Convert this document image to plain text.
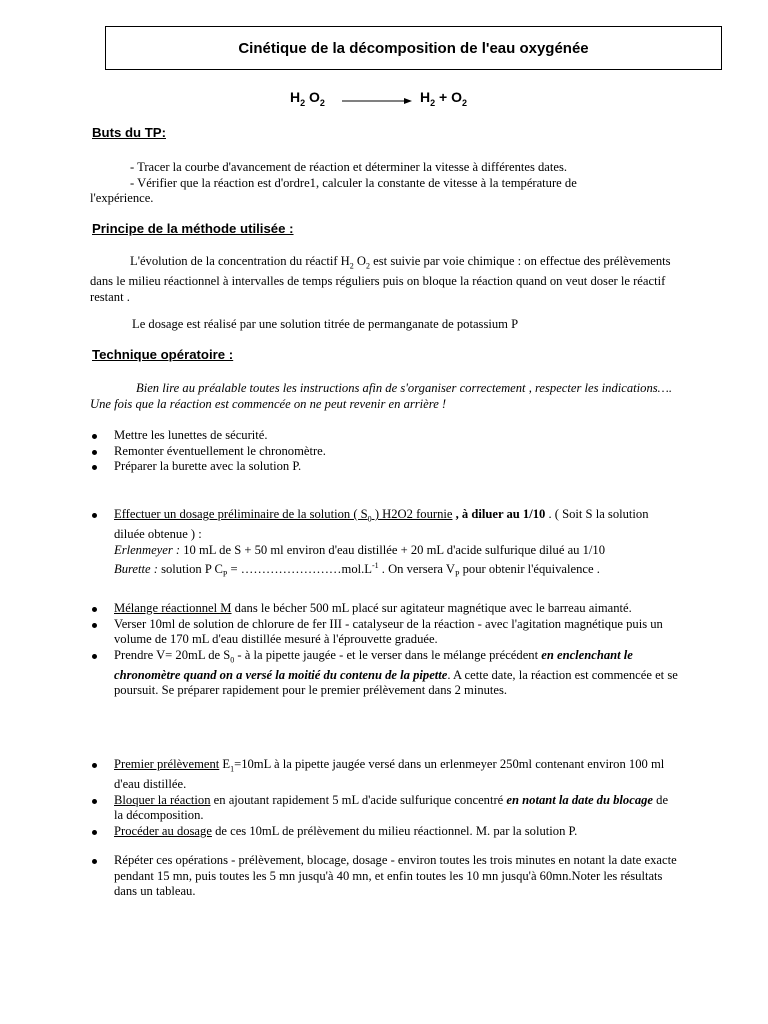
Cinétique de la décomposition de l'eau oxygénée
$H_2$ $O_2$	$H_2 + O_2$
Buts du TP:
- Tracer la courbe d'avancement de réaction et déterminer la vitesse à différentes dates.
- Vérifier que la réaction est d'ordre1, calculer la constante de vitesse à la température de
l'expérience.
Principe de la méthode utilisée :

L'évolution de la concentration du réactif $H_2$ $O_2$ est suivie par voie chimique : on effectue des prélèvements dans le milieu réactionnel à intervalles de temps réguliers puis on bloque la réaction quand on veut doser le réactif restant .

Le dosage est réalisé par une solution titrée de permanganate de potassium P

Technique opératoire :

Bien lire au préalable toutes les instructions afin de s'organiser correctement , respecter les indications…. Une fois que la réaction est commencée on ne peut revenir en arrière !

Mettre les lunettes de sécurité.
Remonter éventuellement le chronomètre.
Préparer la burette avec la solution P.
Effectuer un dosage préliminaire de la solution ( $S_0$ ) H2O2 fournie , à diluer au 1/10 . ( Soit S la solution diluée obtenue ) :
Erlenmeyer : 10 mL de S + 50 ml environ d'eau distillée + 20 mL d'acide sulfurique dilué au 1/10
Burette : solution P $C_P$ = $\dots\dots\dots\dots\dots\dots\dots\dots mol.L^{-1}$ . On versera $V_P$ pour obtenir l'équivalence .
Mélange réactionnel M dans le bécher 500 mL placé sur agitateur magnétique avec le barreau aimanté.
Verser 10ml de solution de chlorure de fer III - catalyseur de la réaction - avec l'agitation magnétique puis un volume de 170 mL d'eau distillée mesuré à l'éprouvette graduée.
Prendre V= 20mL de $S_0$ - à la pipette jaugée - et le verser dans le mélange précédent en enclenchant le chronomètre quand on a versé la moitié du contenu de la pipette. A cette date, la réaction est commencée et se poursuit. Se préparer rapidement pour le premier prélèvement dans 2 minutes.
Premier prélèvement $E_1=10mL$ à la pipette jaugée versé dans un erlenmeyer 250ml contenant environ 100 ml d'eau distillée.
Bloquer la réaction en ajoutant rapidement 5 mL d'acide sulfurique concentré en notant la date du blocage de la décomposition.
Procéder au dosage de ces 10mL de prélèvement du milieu réactionnel. M. par la solution P.
Répéter ces opérations - prélèvement, blocage, dosage - environ toutes les trois minutes en notant la date exacte pendant 15 mn, puis toutes les 5 mn jusqu'à 40 mn, et enfin toutes les 10 mn jusqu'à 60mn.Noter les résultats dans un tableau.
